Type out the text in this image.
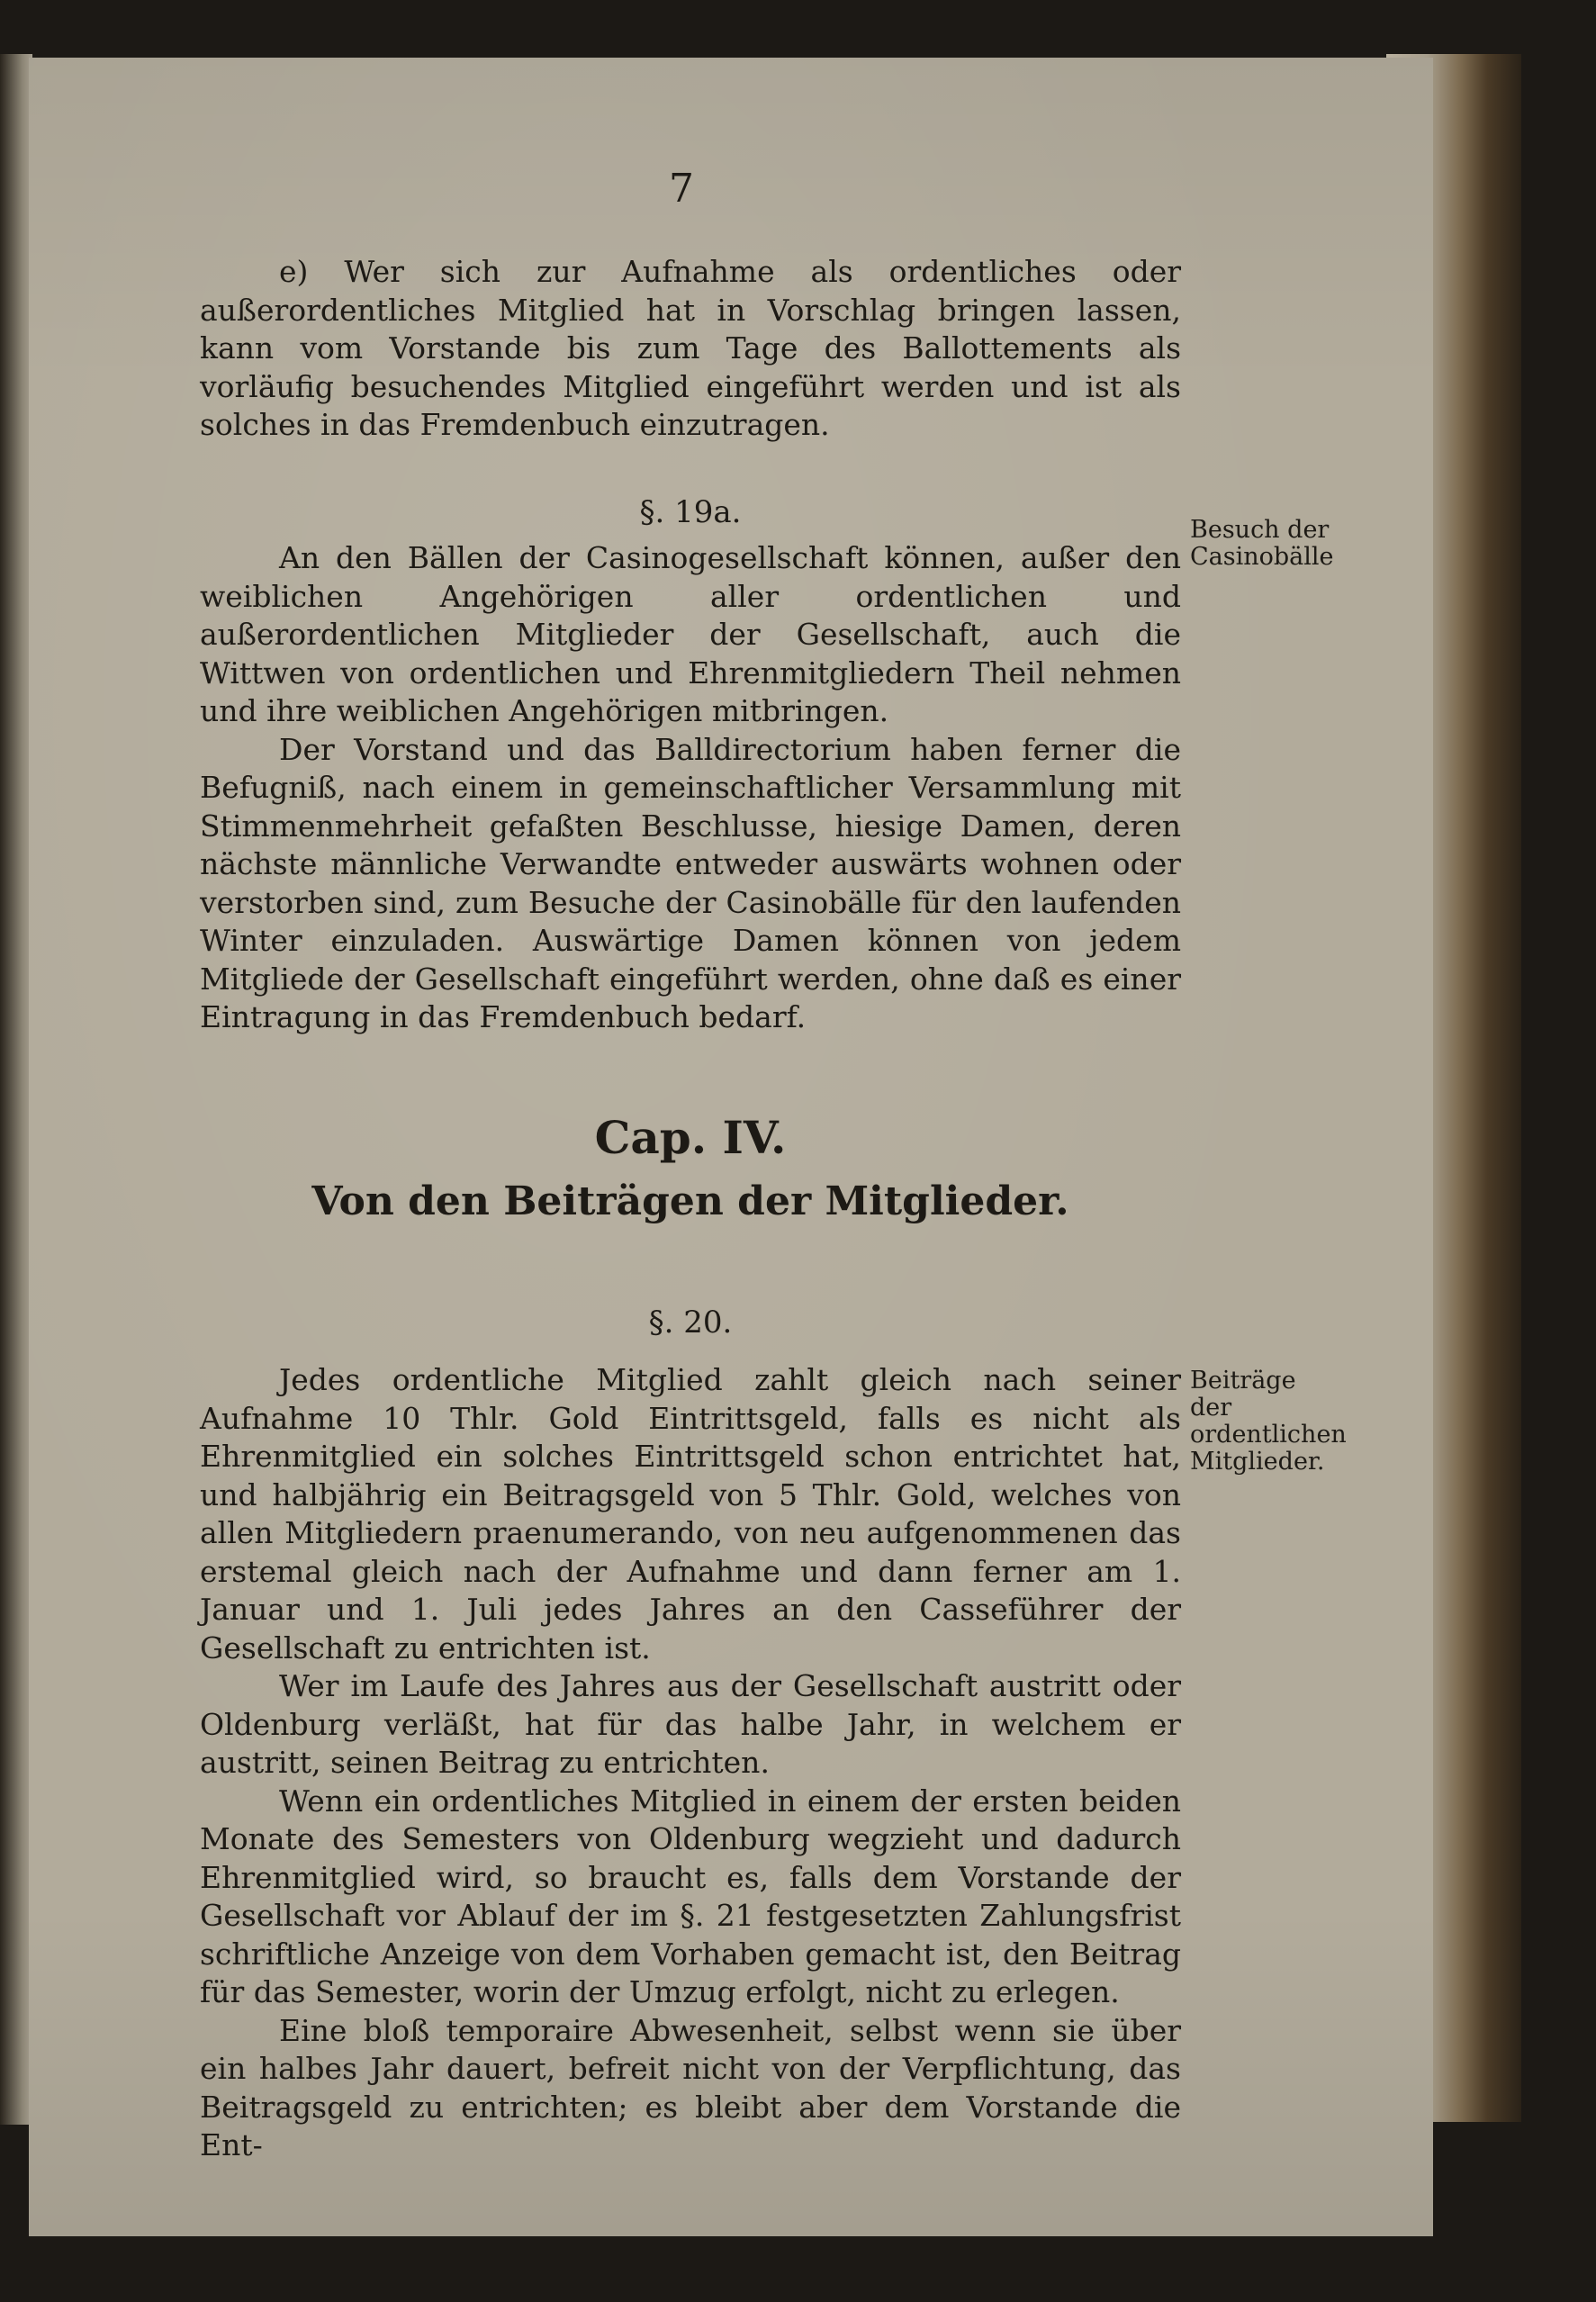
7

e) Wer sich zur Aufnahme als ordentliches oder außerordentliches Mitglied hat in Vorschlag bringen lassen, kann vom Vorstande bis zum Tage des Ballottements als vorläufig besuchendes Mitglied eingeführt werden und ist als solches in das Fremdenbuch einzutragen.

§. 19a.

An den Bällen der Casinogesellschaft können, außer den weiblichen Angehörigen aller ordentlichen und außerordentlichen Mitglieder der Gesellschaft, auch die Wittwen von ordentlichen und Ehrenmitgliedern Theil nehmen und ihre weiblichen Angehörigen mitbringen.

Der Vorstand und das Balldirectorium haben ferner die Befugniß, nach einem in gemeinschaftlicher Versammlung mit Stimmenmehrheit gefaßten Beschlusse, hiesige Damen, deren nächste männliche Verwandte entweder auswärts wohnen oder verstorben sind, zum Besuche der Casinobälle für den laufenden Winter einzuladen. Auswärtige Damen können von jedem Mitgliede der Gesellschaft eingeführt werden, ohne daß es einer Eintragung in das Fremdenbuch bedarf.

Besuch der Casinobälle
Cap. IV.
Von den Beiträgen der Mitglieder.
§. 20.

Jedes ordentliche Mitglied zahlt gleich nach seiner Aufnahme 10 Thlr. Gold Eintrittsgeld, falls es nicht als Ehrenmitglied ein solches Eintrittsgeld schon entrichtet hat, und halbjährig ein Beitragsgeld von 5 Thlr. Gold, welches von allen Mitgliedern praenumerando, von neu aufgenommenen das erstemal gleich nach der Aufnahme und dann ferner am 1. Januar und 1. Juli jedes Jahres an den Casseführer der Gesellschaft zu entrichten ist.

Wer im Laufe des Jahres aus der Gesellschaft austritt oder Oldenburg verläßt, hat für das halbe Jahr, in welchem er austritt, seinen Beitrag zu entrichten.

Wenn ein ordentliches Mitglied in einem der ersten beiden Monate des Semesters von Oldenburg wegzieht und dadurch Ehrenmitglied wird, so braucht es, falls dem Vorstande der Gesellschaft vor Ablauf der im §. 21 festgesetzten Zahlungsfrist schriftliche Anzeige von dem Vorhaben gemacht ist, den Beitrag für das Semester, worin der Umzug erfolgt, nicht zu erlegen.

Eine bloß temporaire Abwesenheit, selbst wenn sie über ein halbes Jahr dauert, befreit nicht von der Verpflichtung, das Beitragsgeld zu entrichten; es bleibt aber dem Vorstande die Ent-

Beiträge der ordentlichen Mitglieder.
